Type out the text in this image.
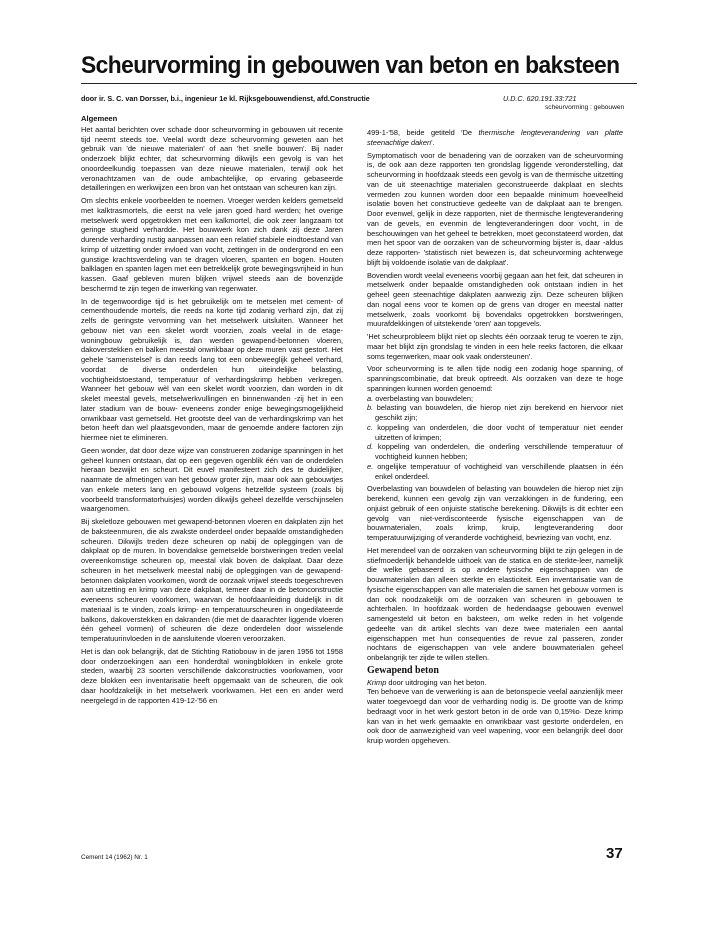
Scheurvorming in gebouwen van beton en baksteen
door ir. S. C. van Dorsser, b.i., ingenieur 1e kl. Rijksgebouwendienst, afd.Constructie	U.D.C. 620.191.33:721
scheurvorming : gebouwen
Algemeen

Het aantal berichten over schade door scheurvorming in gebouwen uit recente tijd neemt steeds toe. Veelal wordt deze scheurvorming geweten aan het gebruik van 'de nieuwe materialen' of aan 'het snelle bouwen'. Bij nader onderzoek blijkt echter, dat scheurvorming dikwijls een gevolg is van het onoordeelkundig toepassen van deze nieuwe materialen, terwijl ook het veronachtzamen van de oude ambachtelijke, op ervaring gebaseerde detailleringen en werkwijzen een bron van het ontstaan van scheuren kan zijn.

Om slechts enkele voorbeelden te noemen. Vroeger werden kelders gemetseld met kalktrasmortels, die eerst na vele jaren goed hard werden; het overige metselwerk werd opgetrokken met een kalkmortel, die ook zeer langzaam tot geringe stugheid verhardde. Het bouwwerk kon zich dank zij deze Jaren durende verharding rustig aanpassen aan een relatief stabiele eindtoestand van krimp of uitzetting onder invloed van vocht, zettingen in de ondergrond en een gunstige krachtsverdeling van te dragen vloeren, spanten en bogen. Houten balklagen en spanten lagen met een betrekkelijk grote bewegingsvrijheid in hun kassen. Gaaf gebleven muren blijken vrijwel steeds aan de bovenzijde beschermd te zijn tegen de inwerking van regenwater.

In de tegenwoordige tijd is het gebruikelijk om te metselen met cement- of cementhoudende mortels, die reeds na korte tijd zodanig verhard zijn, dat zij zelfs de geringste vervorming van het metselwerk uitsluiten. Wanneer het gebouw niet van een skelet wordt voorzien, zoals veelal in de etage-woningbouw gebruikelijk is, dan werden gewapend-betonnen vloeren, dakoverstekken en balken meestal onwrikbaar op deze muren vast gestort. Het gehele 'samenstelsel' is dan reeds lang tot een onbeweeglijk geheel verhard, voordat de diverse onderdelen hun uiteindelijke belasting, vochtigheidstoestand, temperatuur of verhardingskrimp hebben verkregen. Wanneer het gebouw wèl van een skelet wordt voorzien, dan worden in dit skelet meestal gevels, metselwerkvullingen en binnenwanden -zij het in een later stadium van de bouw- eveneens zonder enige bewegingsmogelijkheid onwrikbaar vast gemetseld. Het grootste deel van de verhardingskrimp van het beton heeft dan wel plaatsgevonden, maar de genoemde andere factoren zijn hiermee niet te elimineren.

Geen wonder, dat door deze wijze van construeren zodanige spanningen in het geheel kunnen ontstaan, dat op een gegeven ogenblik één van de onderdelen hieraan bezwijkt en scheurt. Dit euvel manifesteert zich des te duidelijker, naarmate de afmetingen van het gebouw groter zijn, maar ook aan gebouwtjes van enkele meters lang en gebouwd volgens hetzelfde systeem (zoals bij voorbeeld transformatorhuisjes) worden dikwijls geheel dezelfde verschijnselen waargenomen.

Bij skeletloze gebouwen met gewapend-betonnen vloeren en dakplaten zijn het de baksteenmuren, die als zwakste onderdeel onder bepaalde omstandigheden scheuren. Dikwijls treden deze scheuren op nabij de opleggingen van de dakplaat op de muren. In bovendakse gemetselde borstweringen treden veelal overeenkomstige scheuren op, meestal vlak boven de dakplaat. Daar deze scheuren in het metselwerk meestal nabij de opleggingen van de gewapend-betonnen dakplaten voorkomen, wordt de oorzaak vrijwel steeds toegeschreven aan uitzetting en krimp van deze dakplaat, temeer daar in de betonconstructie eveneens scheuren voorkomen, waarvan de hoofdaanleiding duidelijk in dit materiaal is te vinden, zoals krimp- en temperatuurscheuren in ongedilateerde balkons, dakoverstekken en dakranden (die met de daarachter liggende vloeren één geheel vormen) of scheuren die deze onderdelen door wisselende temperatuurinvloeden in de aansluitende vloeren veroorzaken.

Het is dan ook belangrijk, dat de Stichting Ratiobouw in de jaren 1956 tot 1958 door onderzoekingen aan een honderdtal woningblokken in enkele grote steden, waarbij 23 soorten verschillende dakconstructies voorkwamen, voor deze blokken een inventarisatie heeft opgemaakt van de scheuren, die ook daar hoofdzakelijk in het metselwerk voorkwamen. Het een en ander werd neergelegd in de rapporten 419-12-'56 en

499-1-'58, beide getiteld 'De thermische lengteverandering van platte steenachtige daken'.

Symptomatisch voor de benadering van de oorzaken van de scheurvorming is, de ook aan deze rapporten ten grondslag liggende veronderstelling, dat scheurvorming in hoofdzaak steeds een gevolg is van de thermische uitzetting van de uit steenachtige materialen geconstrueerde dakplaat en slechts vermeden zou kunnen worden door een bepaalde minimum hoeveelheid isolatie boven het constructieve gedeelte van de dakplaat aan te brengen. Door evenwel, gelijk in deze rapporten, niet de thermische lengteverandering van de gevels, en evenmin de lengteveranderingen door vocht, in de beschouwingen van het geheel te betrekken, moet geconstateerd worden, dat men het spoor van de oorzaken van de scheurvorming bijster is, daar -aldus deze rapporten- 'statistisch niet bewezen is, dat scheurvorming achterwege blijft bij voldoende isolatie van de dakplaat'.

Bovendien wordt veelal eveneens voorbij gegaan aan het feit, dat scheuren in metselwerk onder bepaalde omstandigheden ook ontstaan indien in het geheel geen steenachtige dakplaten aanwezig zijn. Deze scheuren blijken dan nogal eens voor te komen op de grens van droger en meestal natter metselwerk, zoals voorkomt bij bovendaks opgetrokken borstweringen, muurafdekkingen of uitstekende 'oren' aan topgevels.

'Het scheurprobleem blijkt niet op slechts één oorzaak terug te voeren te zijn, maar het blijkt zijn grondslag te vinden in een hele reeks factoren, die elkaar soms tegenwerken, maar ook vaak ondersteunen'.

Voor scheurvorming is te allen tijde nodig een zodanig hoge spanning, of spanningscombinatie, dat breuk optreedt. Als oorzaken van deze te hoge spanningen kunnen worden genoemd:

a. overbelasting van bouwdelen;

b. belasting van bouwdelen, die hierop niet zijn berekend en hiervoor niet geschikt zijn;

c. koppeling van onderdelen, die door vocht of temperatuur niet eender uitzetten of krimpen;

d. koppeling van onderdelen, die onderling verschillende temperatuur of vochtigheid kunnen hebben;

e. ongelijke temperatuur of vochtigheid van verschillende plaatsen in één enkel onderdeel.

Overbelasting van bouwdelen of belasting van bouwdelen die hierop niet zijn berekend, kunnen een gevolg zijn van verzakkingen in de fundering, een onjuist gebruik of een onjuiste statische berekening. Dikwijls is dit echter een gevolg van niet-verdisconteerde fysische eigenschappen van de bouwmaterialen, zoals krimp, kruip, lengteverandering door temperatuurwijziging of veranderde vochtigheid, bevriezing van vocht, enz.

Het merendeel van de oorzaken van scheurvorming blijkt te zijn gelegen in de stiefmoederlijk behandelde uithoek van de statica en de sterkte-leer, namelijk die welke gebaseerd is op andere fysische eigenschappen van de bouwmaterialen dan alleen sterkte en elasticiteit. Een inventarisatie van de fysische eigenschappen van alle materialen die samen het gebouw vormen is dan ook noodzakelijk om de oorzaken van scheuren in gebouwen te achterhalen. In hoofdzaak worden de hedendaagse gebouwen evenwel samengesteld uit beton en baksteen, om welke reden in het volgende gedeelte van dit artikel slechts van deze twee materialen een aantal eigenschappen met hun consequenties de revue zal passeren, zonder nochtans de eigenschappen van vele andere bouwmaterialen geheel onbelangrijk ter zijde te willen stellen.

Gewapend beton

Krimp door uitdroging van het beton.

Ten behoeve van de verwerking is aan de betonspecie veelal aanzienlijk meer water toegevoegd dan voor de verharding nodig is. De grootte van de krimp bedraagt voor in het werk gestort beton in de orde van 0,15%o· Deze krimp kan van in het werk gemaakte en onwrikbaar vast gestorte onderdelen, en ook door de aanwezigheid van veel wapening, voor een belangrijk deel door kruip worden opgeheven.

Cement 14 (1962) Nr. 1	37
